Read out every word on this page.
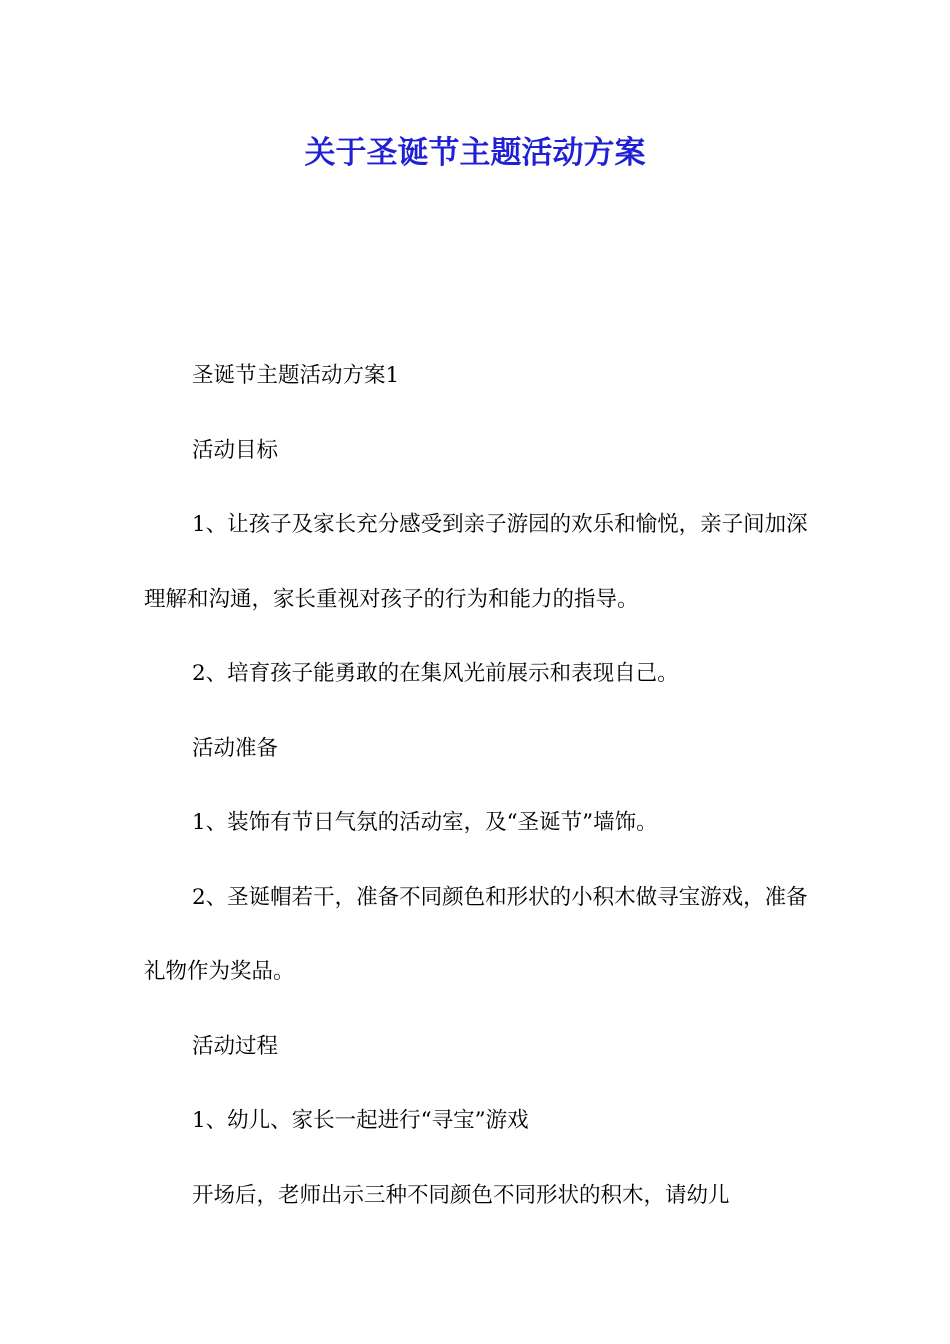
关于圣诞节主题活动方案

圣诞节主题活动方案1

活动目标

1、让孩子及家长充分感受到亲子游园的欢乐和愉悦，亲子间加深理解和沟通，家长重视对孩子的行为和能力的指导。

2、培育孩子能勇敢的在集风光前展示和表现自己。

活动准备

1、装饰有节日气氛的活动室，及“圣诞节”墙饰。

2、圣诞帽若干，准备不同颜色和形状的小积木做寻宝游戏，准备礼物作为奖品。

活动过程

1、幼儿、家长一起进行“寻宝”游戏

开场后，老师出示三种不同颜色不同形状的积木，请幼儿
